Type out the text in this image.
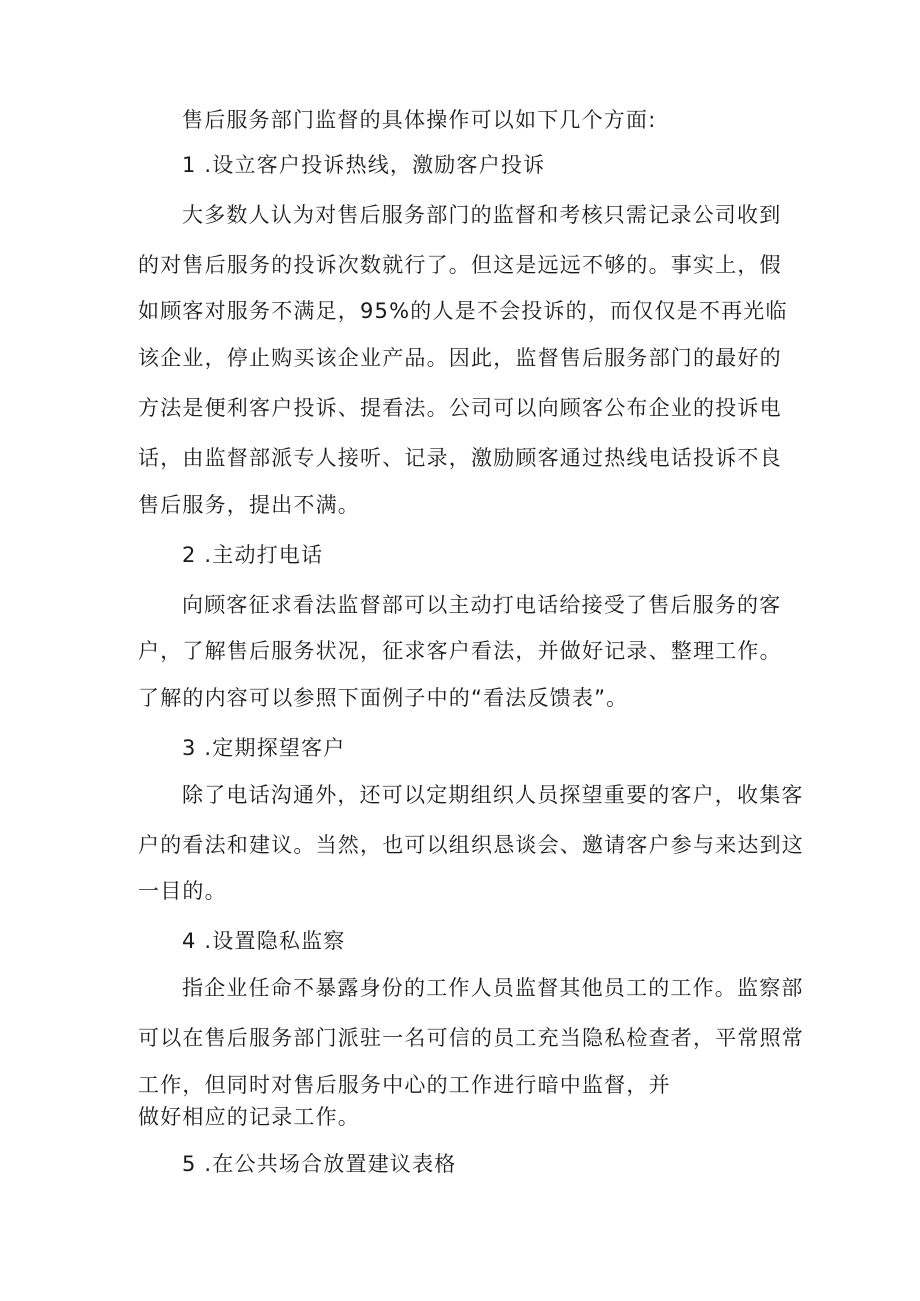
售后服务部门监督的具体操作可以如下几个方面:
1 .设立客户投诉热线，激励客户投诉
大多数人认为对售后服务部门的监督和考核只需记录公司收到
的对售后服务的投诉次数就行了。但这是远远不够的。事实上，假
如顾客对服务不满足，95%的人是不会投诉的，而仅仅是不再光临
该企业，停止购买该企业产品。因此，监督售后服务部门的最好的
方法是便利客户投诉、提看法。公司可以向顾客公布企业的投诉电
话，由监督部派专人接听、记录，激励顾客通过热线电话投诉不良
售后服务，提出不满。
2 .主动打电话
向顾客征求看法监督部可以主动打电话给接受了售后服务的客
户，了解售后服务状况，征求客户看法，并做好记录、整理工作。
了解的内容可以参照下面例子中的“看法反馈表”。
3 .定期探望客户
除了电话沟通外，还可以定期组织人员探望重要的客户，收集客
户的看法和建议。当然，也可以组织恳谈会、邀请客户参与来达到这
一目的。
4 .设置隐私监察
指企业任命不暴露身份的工作人员监督其他员工的工作。监察部
可以在售后服务部门派驻一名可信的员工充当隐私检查者，平常照常
工作，但同时对售后服务中心的工作进行暗中监督，并
做好相应的记录工作。
5 .在公共场合放置建议表格
